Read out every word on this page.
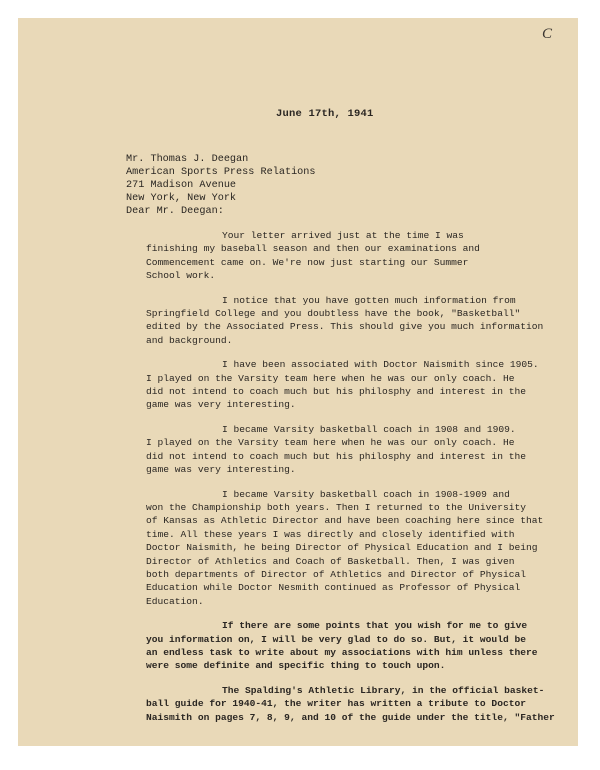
C
June 17th, 1941
Mr. Thomas J. Deegan
American Sports Press Relations
271 Madison Avenue
New York, New York
Dear Mr. Deegan:

Your letter arrived just at the time I was
finishing my baseball season and then our examinations and
Commencement came on. We're now just starting our Summer
School work.

I notice that you have gotten much information from
Springfield College and you doubtless have the book, "Basketball"
edited by the Associated Press. This should give you much information
and background.

I have been associated with Doctor Naismith since 1905.
I played on the Varsity team here when he was our only coach. He
did not intend to coach much but his philosphy and interest in the
game was very interesting.

I became Varsity basketball coach in 1908 and 1909.
I played on the Varsity team here when he was our only coach. He
did not intend to coach much but his philosphy and interest in the
game was very interesting.

I became Varsity basketball coach in 1908-1909 and
won the Championship both years. Then I returned to the University
of Kansas as Athletic Director and have been coaching here since that
time. All these years I was directly and closely identified with
Doctor Naismith, he being Director of Physical Education and I being
Director of Athletics and Coach of Basketball. Then, I was given
both departments of Director of Athletics and Director of Physical
Education while Doctor Nesmith continued as Professor of Physical
Education.

If there are some points that you wish for me to give
you information on, I will be very glad to do so. But, it would be
an endless task to write about my associations with him unless there
were some definite and specific thing to touch upon.

The Spalding's Athletic Library, in the official basket-
ball guide for 1940-41, the writer has written a tribute to Doctor
Naismith on pages 7, 8, 9, and 10 of the guide under the title, "Father
